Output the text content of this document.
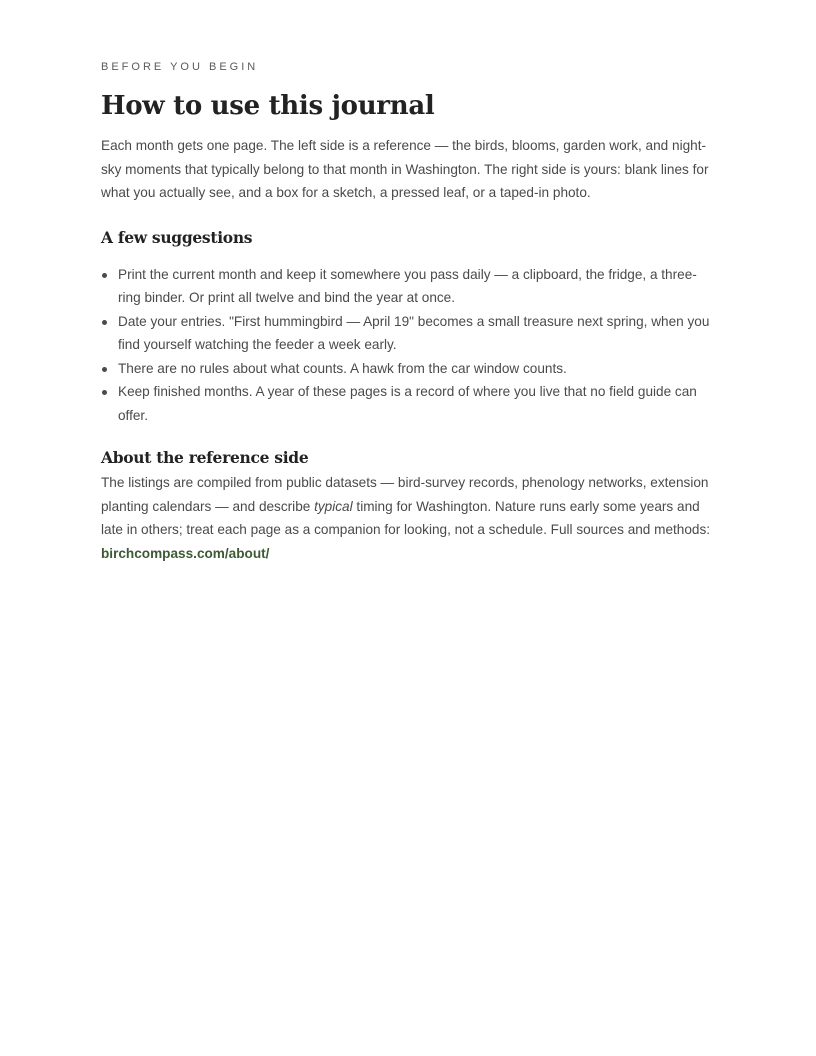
BEFORE YOU BEGIN

How to use this journal

Each month gets one page. The left side is a reference — the birds, blooms, garden work, and night-sky moments that typically belong to that month in Washington. The right side is yours: blank lines for what you actually see, and a box for a sketch, a pressed leaf, or a taped-in photo.

A few suggestions
Print the current month and keep it somewhere you pass daily — a clipboard, the fridge, a three-ring binder. Or print all twelve and bind the year at once.
Date your entries. "First hummingbird — April 19" becomes a small treasure next spring, when you find yourself watching the feeder a week early.
There are no rules about what counts. A hawk from the car window counts.
Keep finished months. A year of these pages is a record of where you live that no field guide can offer.
About the reference side

The listings are compiled from public datasets — bird-survey records, phenology networks, extension planting calendars — and describe typical timing for Washington. Nature runs early some years and late in others; treat each page as a companion for looking, not a schedule. Full sources and methods: birchcompass.com/about/
